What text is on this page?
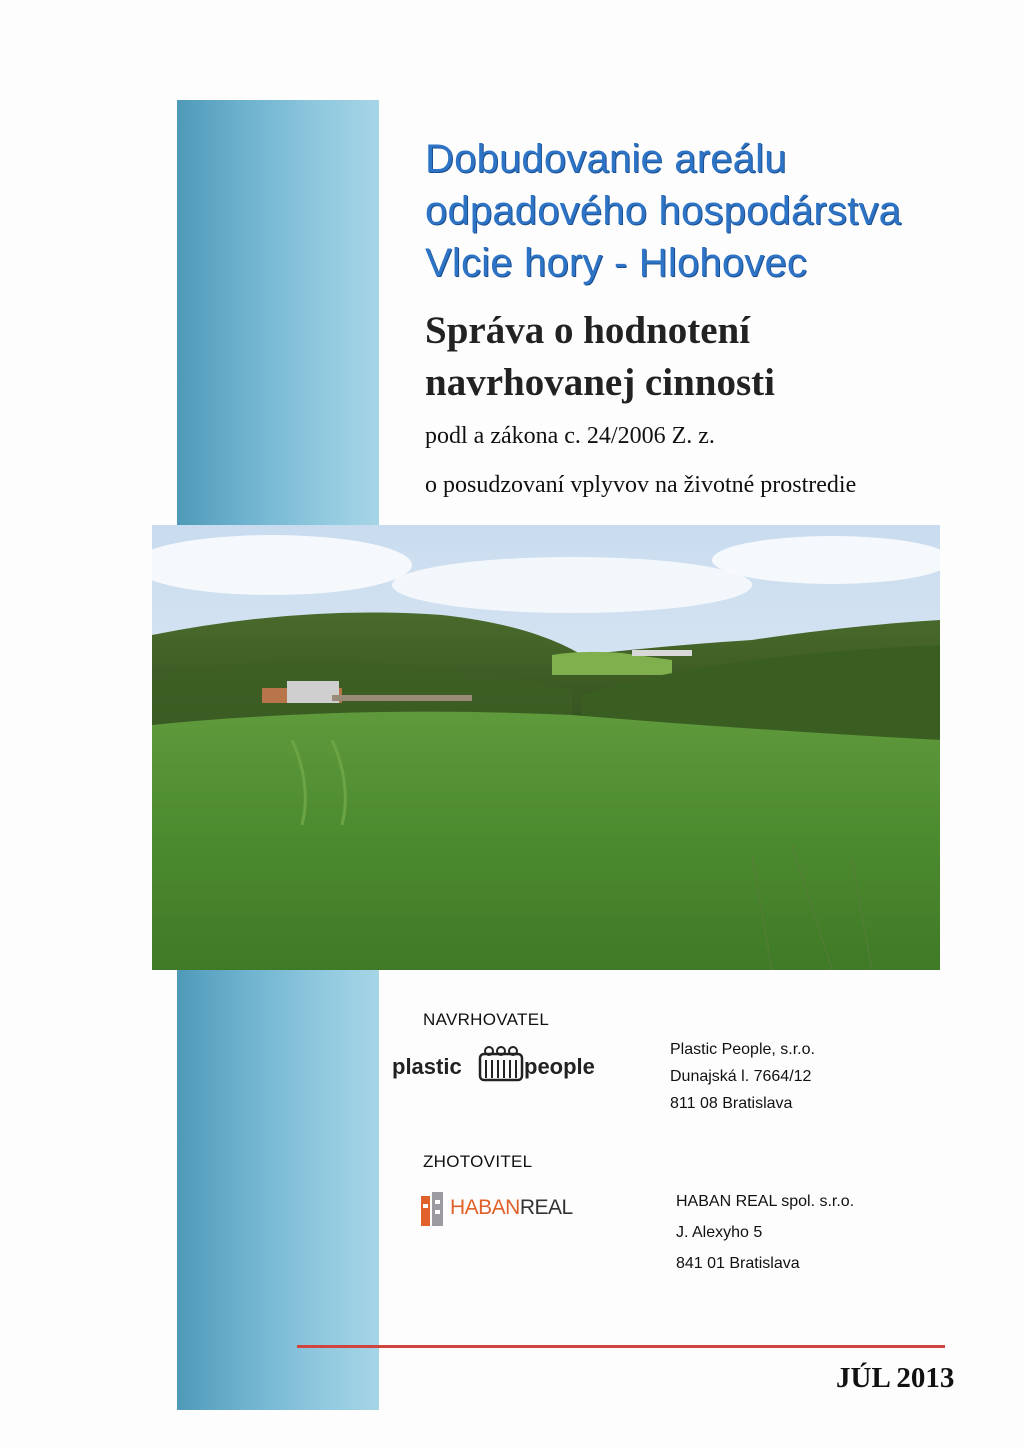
Dobudovanie areálu
odpadového hospodárstva
Vlcie hory - Hlohovec
Správa o hodnotení
navrhovanej cinnosti
podl a zákona c. 24/2006 Z. z.
o posudzovaní vplyvov na životné prostredie
NAVRHOVATEL
plastic	people
Plastic People, s.r.o.
Dunajská l. 7664/12
811 08 Bratislava
ZHOTOVITEL
HABANREAL	HABAN REAL spol. s.r.o.
J. Alexyho 5
841 01 Bratislava
JÚL 2013
